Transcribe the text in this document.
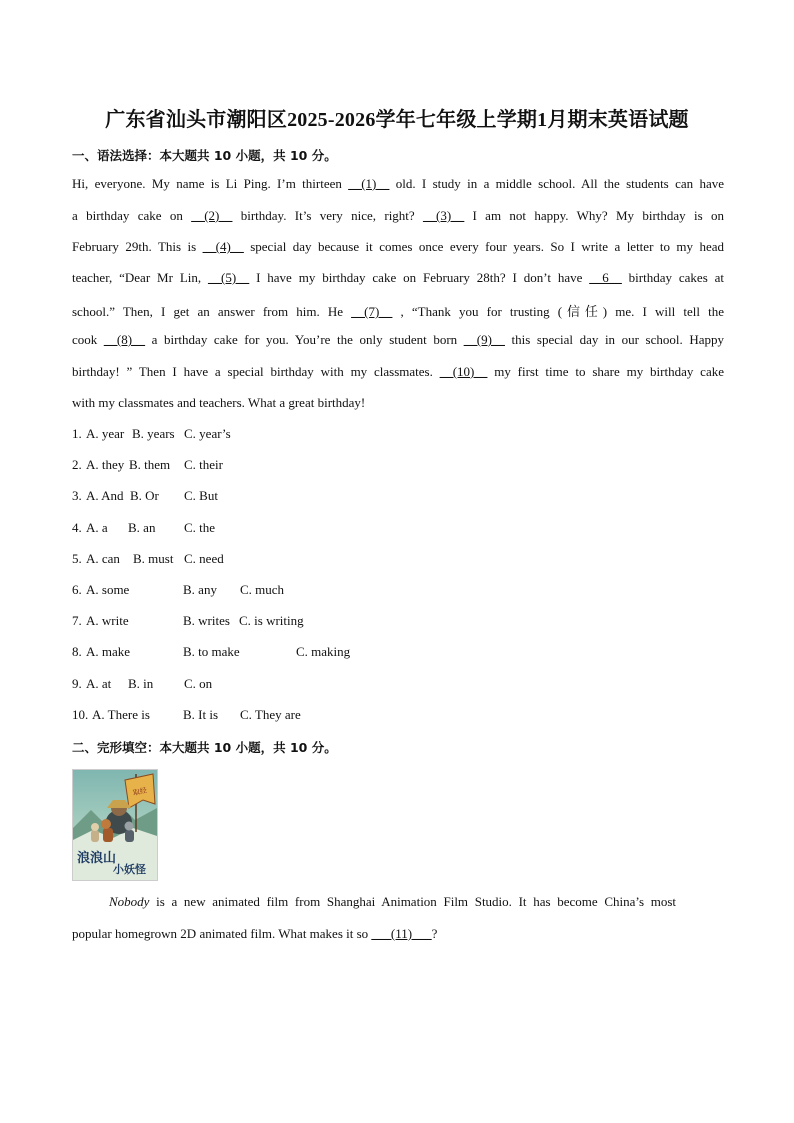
广东省汕头市潮阳区2025-2026学年七年级上学期1月期末英语试题
一、语法选择：本大题共 10 小题，共 10 分。
Hi, everyone. My name is Li Ping. I’m thirteen __(1)__ old. I study in a middle school. All the students can have
a birthday cake on __(2)__ birthday. It’s very nice, right? __(3)__ I am not happy. Why? My birthday is on
February 29th. This is __(4)__ special day because it comes once every four years. So I write a letter to my head
teacher, “Dear Mr Lin, __(5)__ I have my birthday cake on February 28th? I don’t have __6__ birthday cakes at
school.” Then, I get an answer from him. He __(7)__ , “Thank you for trusting (信任) me. I will tell the
cook __(8)__ a birthday cake for you. You’re the only student born __(9)__ this special day in our school. Happy
birthday! ” Then I have a special birthday with my classmates. __(10)__ my first time to share my birthday cake
with my classmates and teachers. What a great birthday!
1. A. year B. years C. year’s
2. A. they B. them C. their
3. A. And B. Or C. But
4. A. a B. an C. the
5. A. can B. must C. need
6. A. some	B. any C. much
7. A. write	B. writes C. is writing
8. A. make	B. to make	C. making
9. A. at B. in C. on
10. A. There is	B. It is C. They are
二、完形填空：本大题共 10 小题，共 10 分。
取经
浪浪山
小妖怪
Nobody is a new animated film from Shanghai Animation Film Studio. It has become China’s most
popular homegrown 2D animated film. What makes it so ___(11)___?
